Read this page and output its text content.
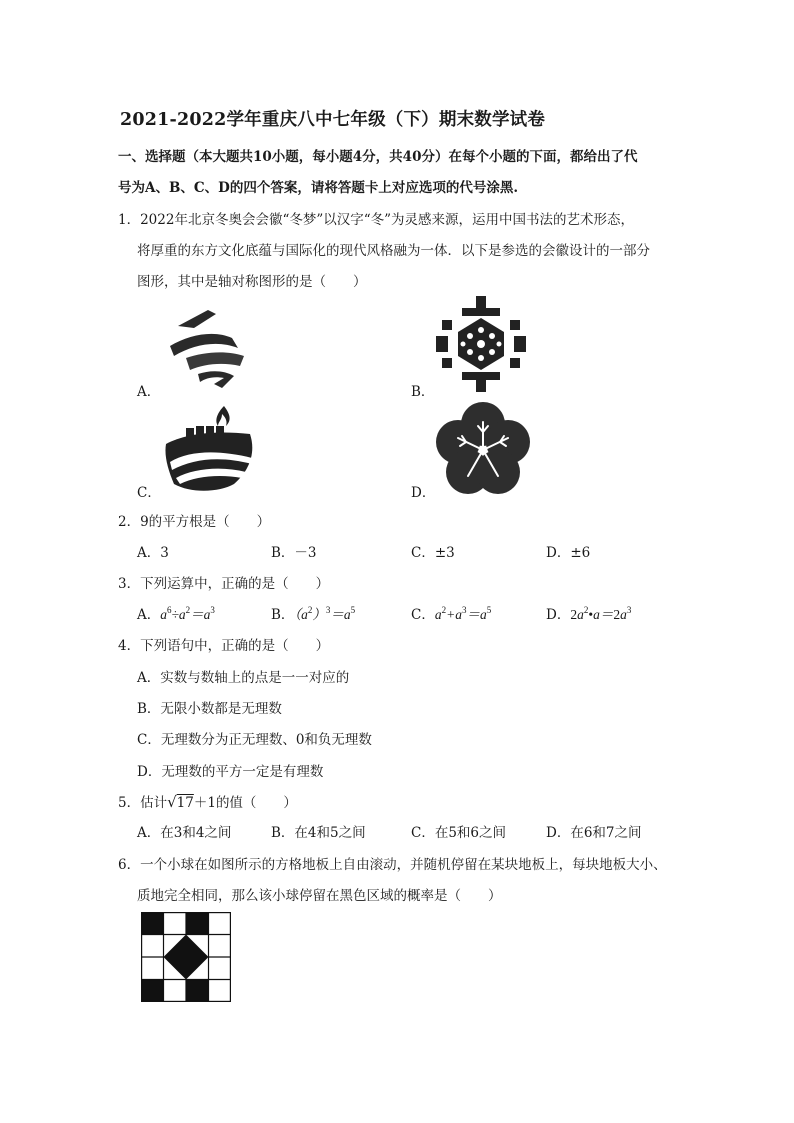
2021-2022学年重庆八中七年级（下）期末数学试卷
一、选择题（本大题共10小题，每小题4分，共40分）在每个小题的下面，都给出了代
号为A、B、C、D的四个答案，请将答题卡上对应选项的代号涂黑.
1．2022年北京冬奥会会徽“冬梦”以汉字“冬”为灵感来源，运用中国书法的艺术形态，
将厚重的东方文化底蕴与国际化的现代风格融为一体．以下是参选的会徽设计的一部分
图形，其中是轴对称图形的是（　　）
A．	B．
C．	D．
2．9的平方根是（　　）
A．3	B．－3	C．±3	D．±6
3．下列运算中，正确的是（　　）
A．$a^6\div a^2=a^3$	B．$(a^2)^3=a^5$	C．$a^2+a^3=a^5$	D．$2a^2•a=2a^3$
4．下列语句中，正确的是（　　）
A．实数与数轴上的点是一一对应的
B．无限小数都是无理数
C．无理数分为正无理数、0和负无理数
D．无理数的平方一定是有理数
5．估计√17＋1的值（　　）
A．在3和4之间	B．在4和5之间	C．在5和6之间	D．在6和7之间
6．一个小球在如图所示的方格地板上自由滚动，并随机停留在某块地板上，每块地板大小、
质地完全相同，那么该小球停留在黑色区域的概率是（　　）
